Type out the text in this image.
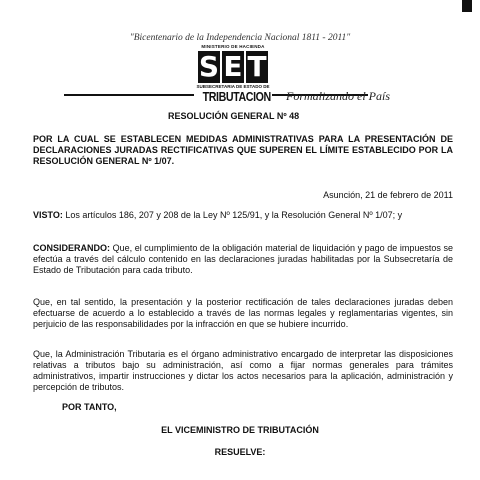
"Bicentenario de la Independencia Nacional 1811 - 2011"
MINISTERIO DE HACIENDA
S E T
SUBSECRETARIA DE ESTADO DE
TRIBUTACION Formalizando el País
RESOLUCIÓN GENERAL Nº 48
POR LA CUAL SE ESTABLECEN MEDIDAS ADMINISTRATIVAS PARA LA PRESENTACIÓN DE DECLARACIONES JURADAS RECTIFICATIVAS QUE SUPEREN EL LÍMITE ESTABLECIDO POR LA RESOLUCIÓN GENERAL Nº 1/07.
Asunción, 21 de febrero de 2011
VISTO: Los artículos 186, 207 y 208 de la Ley Nº 125/91, y la Resolución General Nº 1/07; y
CONSIDERANDO: Que, el cumplimiento de la obligación material de liquidación y pago de impuestos se efectúa a través del cálculo contenido en las declaraciones juradas habilitadas por la Subsecretaría de Estado de Tributación para cada tributo.
Que, en tal sentido, la presentación y la posterior rectificación de tales declaraciones juradas deben efectuarse de acuerdo a lo establecido a través de las normas legales y reglamentarias vigentes, sin perjuicio de las responsabilidades por la infracción en que se hubiere incurrido.
Que, la Administración Tributaria es el órgano administrativo encargado de interpretar las disposiciones relativas a tributos bajo su administración, así como a fijar normas generales para trámites administrativos, impartir instrucciones y dictar los actos necesarios para la aplicación, administración y percepción de tributos.
POR TANTO,
EL VICEMINISTRO DE TRIBUTACIÓN
RESUELVE:
